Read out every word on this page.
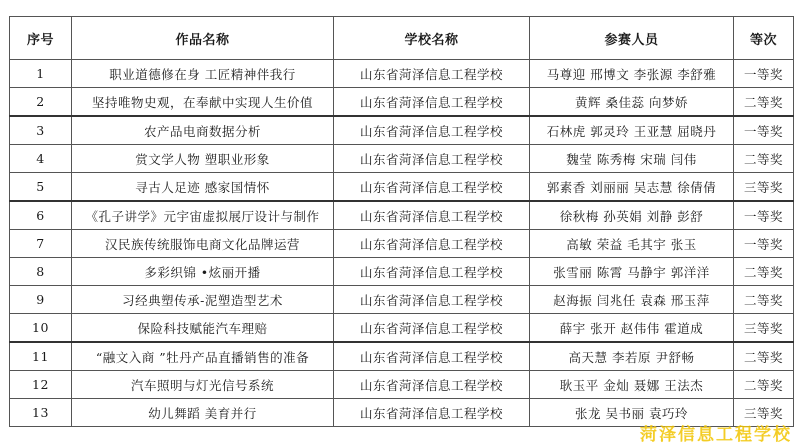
序号	作品名称	学校名称	参赛人员	等次
1	职业道德修在身 工匠精神伴我行	山东省菏泽信息工程学校	马尊迎 邢博文 李张源 李舒雅	一等奖
2	坚持唯物史观，在奉献中实现人生价值	山东省菏泽信息工程学校	黄辉 桑佳蕊 向梦娇	二等奖
3	农产品电商数据分析	山东省菏泽信息工程学校	石林虎 郭灵玲 王亚慧 屈晓丹	一等奖
4	赏文学人物 塑职业形象	山东省菏泽信息工程学校	魏莹 陈秀梅 宋瑞 闫伟	二等奖
5	寻古人足迹 感家国情怀	山东省菏泽信息工程学校	郭素香 刘丽丽 吴志慧 徐倩倩	三等奖
6	《孔子讲学》元宇宙虚拟展厅设计与制作	山东省菏泽信息工程学校	徐秋梅 孙英娟 刘静 彭舒	一等奖
7	汉民族传统服饰电商文化品牌运营	山东省菏泽信息工程学校	高敏 荣益 毛其宇 张玉	一等奖
8	多彩织锦 •炫丽开播	山东省菏泽信息工程学校	张雪丽 陈霄 马静宇 郭洋洋	二等奖
9	习经典塑传承-泥塑造型艺术	山东省菏泽信息工程学校	赵海振 闫兆任 袁森 邢玉萍	二等奖
10	保险科技赋能汽车理赔	山东省菏泽信息工程学校	薛宇 张开 赵伟伟 霍道成	三等奖
11	“融文入商 ”牡丹产品直播销售的准备	山东省菏泽信息工程学校	高天慧 李若原 尹舒畅	二等奖
12	汽车照明与灯光信号系统	山东省菏泽信息工程学校	耿玉平 金灿 聂娜 王法杰	二等奖
13	幼儿舞蹈 美育并行	山东省菏泽信息工程学校	张龙 吴书丽 袁巧玲	三等奖
菏泽信息工程学校
